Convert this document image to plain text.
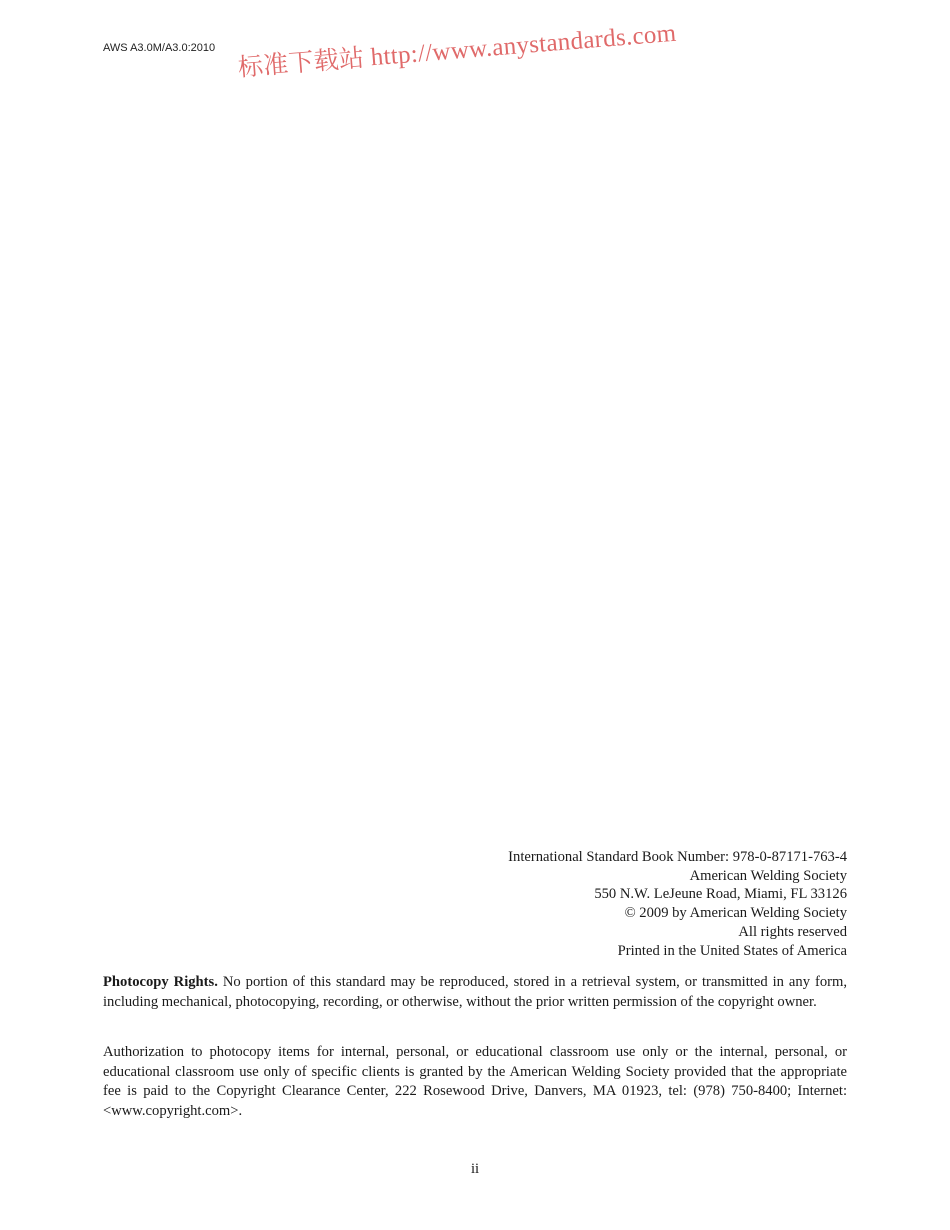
AWS A3.0M/A3.0:2010 标准下载站 http://www.anystandards.com
International Standard Book Number: 978-0-87171-763-4
American Welding Society
550 N.W. LeJeune Road, Miami, FL 33126
© 2009 by American Welding Society
All rights reserved
Printed in the United States of America

Photocopy Rights. No portion of this standard may be reproduced, stored in a retrieval system, or transmitted in any form, including mechanical, photocopying, recording, or otherwise, without the prior written permission of the copyright owner.

Authorization to photocopy items for internal, personal, or educational classroom use only or the internal, personal, or educational classroom use only of specific clients is granted by the American Welding Society provided that the appropriate fee is paid to the Copyright Clearance Center, 222 Rosewood Drive, Danvers, MA 01923, tel: (978) 750-8400; Internet: <www.copyright.com>.

ii
